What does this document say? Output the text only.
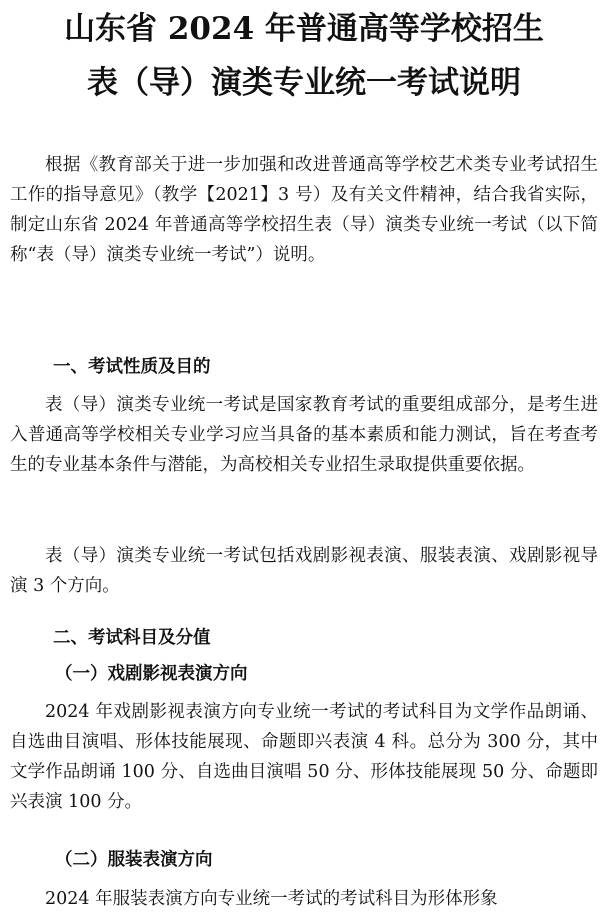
山东省 2024 年普通高等学校招生
表（导）演类专业统一考试说明

根据《教育部关于进一步加强和改进普通高等学校艺术类专业考试招生工作的指导意见》（教学【2021】3 号）及有关文件精神，结合我省实际，制定山东省 2024 年普通高等学校招生表（导）演类专业统一考试（以下简称“表（导）演类专业统一考试”）说明。

一、考试性质及目的

表（导）演类专业统一考试是国家教育考试的重要组成部分，是考生进入普通高等学校相关专业学习应当具备的基本素质和能力测试，旨在考查考生的专业基本条件与潜能，为高校相关专业招生录取提供重要依据。

表（导）演类专业统一考试包括戏剧影视表演、服装表演、戏剧影视导演 3 个方向。

二、考试科目及分值
（一）戏剧影视表演方向

2024 年戏剧影视表演方向专业统一考试的考试科目为文学作品朗诵、自选曲目演唱、形体技能展现、命题即兴表演 4 科。总分为 300 分，其中文学作品朗诵 100 分、自选曲目演唱 50 分、形体技能展现 50 分、命题即兴表演 100 分。

（二）服装表演方向

2024 年服装表演方向专业统一考试的考试科目为形体形象
